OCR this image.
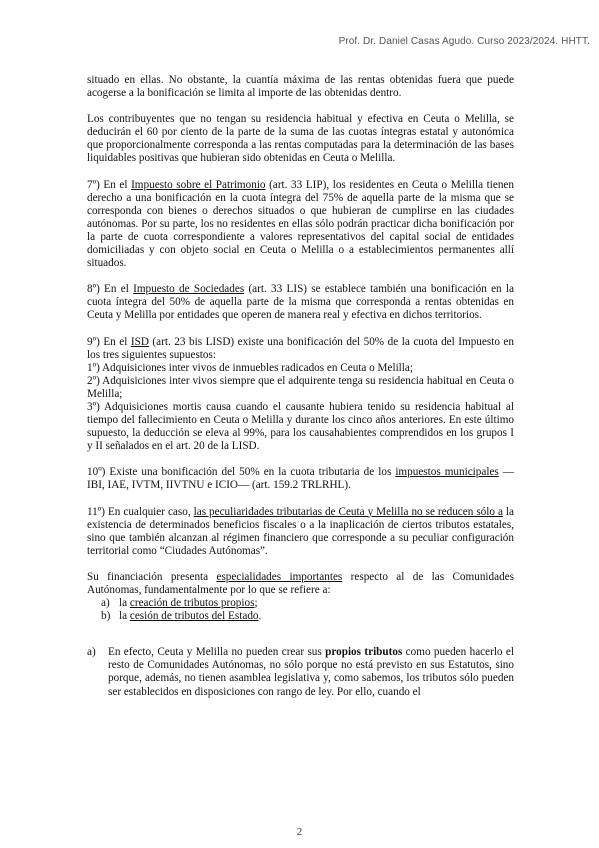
Prof. Dr. Daniel Casas Agudo. Curso 2023/2024. HHTT.

situado en ellas. No obstante, la cuantía máxima de las rentas obtenidas fuera que puede acogerse a la bonificación se limita al importe de las obtenidas dentro.

Los contribuyentes que no tengan su residencia habitual y efectiva en Ceuta o Melilla, se deducirán el 60 por ciento de la parte de la suma de las cuotas íntegras estatal y autonómica que proporcionalmente corresponda a las rentas computadas para la determinación de las bases liquidables positivas que hubieran sido obtenidas en Ceuta o Melilla.

7º) En el Impuesto sobre el Patrimonio (art. 33 LIP), los residentes en Ceuta o Melilla tienen derecho a una bonificación en la cuota íntegra del 75% de aquella parte de la misma que se corresponda con bienes o derechos situados o que hubieran de cumplirse en las ciudades autónomas. Por su parte, los no residentes en ellas sólo podrán practicar dicha bonificación por la parte de cuota correspondiente a valores representativos del capital social de entidades domiciliadas y con objeto social en Ceuta o Melilla o a establecimientos permanentes allí situados.

8º) En el Impuesto de Sociedades (art. 33 LIS) se establece también una bonificación en la cuota íntegra del 50% de aquella parte de la misma que corresponda a rentas obtenidas en Ceuta y Melilla por entidades que operen de manera real y efectiva en dichos territorios.

9º) En el ISD (art. 23 bis LISD) existe una bonificación del 50% de la cuota del Impuesto en los tres siguientes supuestos:

1º) Adquisiciones inter vivos de inmuebles radicados en Ceuta o Melilla;

2º) Adquisiciones inter vivos siempre que el adquirente tenga su residencia habitual en Ceuta o Melilla;

3º) Adquisiciones mortis causa cuando el causante hubiera tenido su residencia habitual al tiempo del fallecimiento en Ceuta o Melilla y durante los cinco años anteriores. En este último supuesto, la deducción se eleva al 99%, para los causahabientes comprendidos en los grupos I y II señalados en el art. 20 de la LISD.

10º) Existe una bonificación del 50% en la cuota tributaria de los impuestos municipales —IBI, IAE, IVTM, IIVTNU e ICIO— (art. 159.2 TRLRHL).

11º) En cualquier caso, las peculiaridades tributarias de Ceuta y Melilla no se reducen sólo a la existencia de determinados beneficios fiscales o a la inaplicación de ciertos tributos estatales, sino que también alcanzan al régimen financiero que corresponde a su peculiar configuración territorial como “Ciudades Autónomas”.

Su financiación presenta especialidades importantes respecto al de las Comunidades Autónomas, fundamentalmente por lo que se refiere a:

a) la creación de tributos propios;
b) la cesión de tributos del Estado.
a)	En efecto, Ceuta y Melilla no pueden crear sus propios tributos como pueden hacerlo el resto de Comunidades Autónomas, no sólo porque no está previsto en sus Estatutos, sino porque, además, no tienen asamblea legislativa y, como sabemos, los tributos sólo pueden ser establecidos en disposiciones con rango de ley. Por ello, cuando el
2
